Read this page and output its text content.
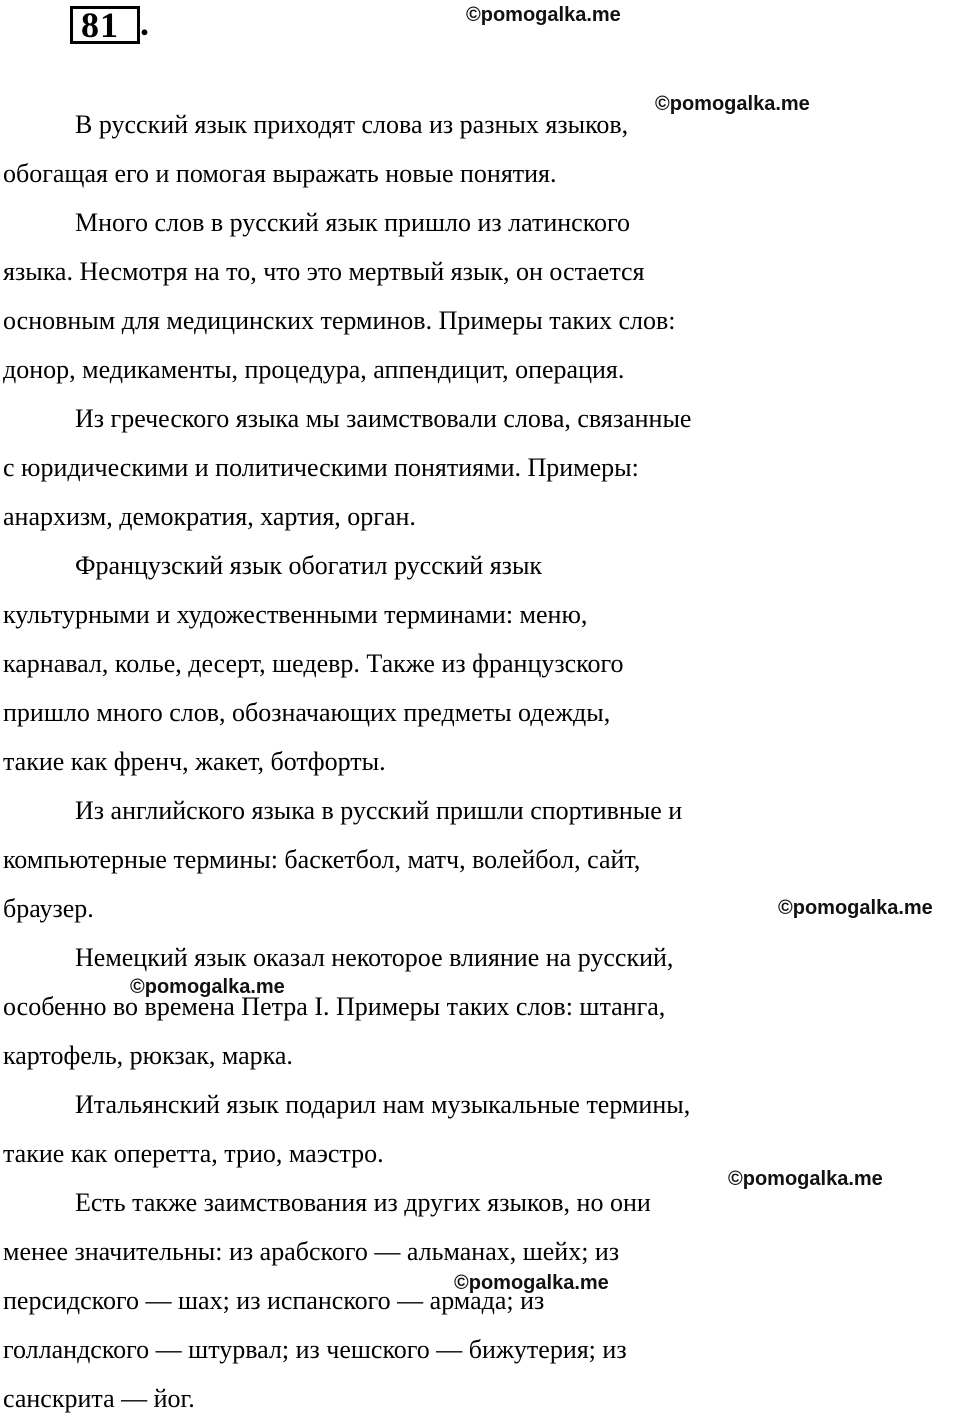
81 .	©pomogalka.me
©pomogalka.me
©pomogalka.me
©pomogalka.me
©pomogalka.me
©pomogalka.me
В русский язык приходят слова из разных языков,
обогащая его и помогая выражать новые понятия.
Много слов в русский язык пришло из латинского
языка. Несмотря на то, что это мертвый язык, он остается
основным для медицинских терминов. Примеры таких слов:
донор, медикаменты, процедура, аппендицит, операция.
Из греческого языка мы заимствовали слова, связанные
с юридическими и политическими понятиями. Примеры:
анархизм, демократия, хартия, орган.
Французский язык обогатил русский язык
культурными и художественными терминами: меню,
карнавал, колье, десерт, шедевр. Также из французского
пришло много слов, обозначающих предметы одежды,
такие как френч, жакет, ботфорты.
Из английского языка в русский пришли спортивные и
компьютерные термины: баскетбол, матч, волейбол, сайт,
браузер.
Немецкий язык оказал некоторое влияние на русский,
особенно во времена Петра I. Примеры таких слов: штанга,
картофель, рюкзак, марка.
Итальянский язык подарил нам музыкальные термины,
такие как оперетта, трио, маэстро.
Есть также заимствования из других языков, но они
менее значительны: из арабского — альманах, шейх; из
персидского — шах; из испанского — армада; из
голландского — штурвал; из чешского — бижутерия; из
санскрита — йог.
